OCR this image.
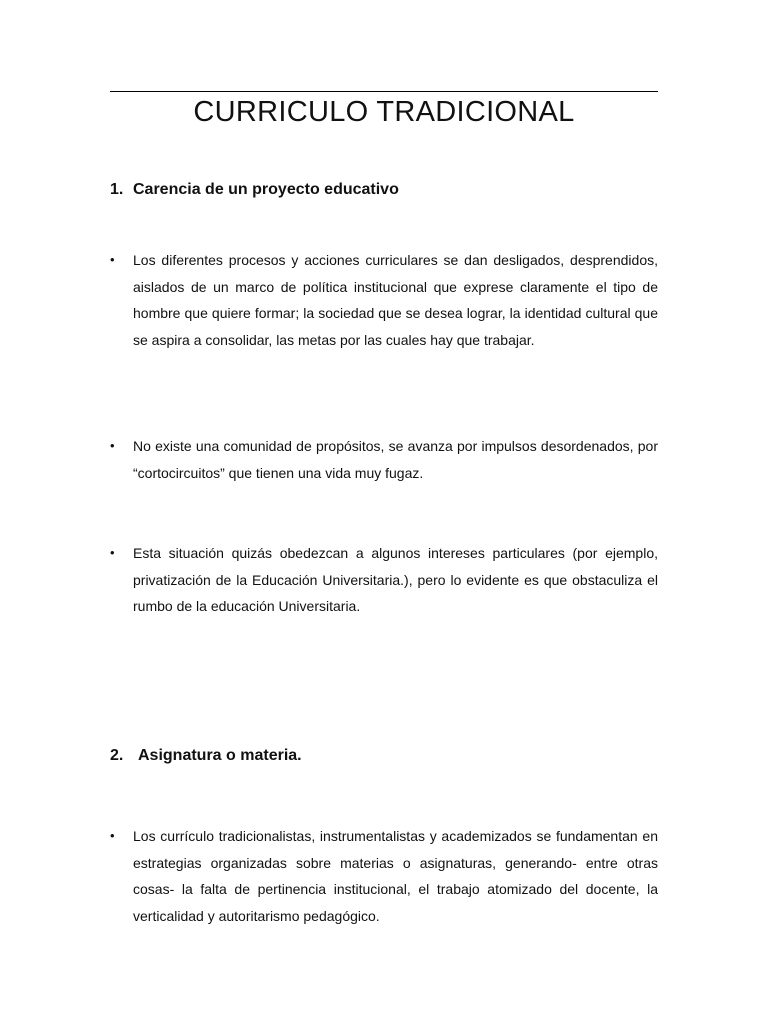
CURRICULO TRADICIONAL
1. Carencia de un proyecto educativo
• Los diferentes procesos y acciones curriculares se dan desligados, desprendidos, aislados de un marco de política institucional que exprese claramente el tipo de hombre que quiere formar; la sociedad que se desea lograr, la identidad cultural que se aspira a consolidar, las metas por las cuales hay que trabajar.
• No existe una comunidad de propósitos, se avanza por impulsos desordenados, por “cortocircuitos” que tienen una vida muy fugaz.
• Esta situación quizás obedezcan a algunos intereses particulares (por ejemplo, privatización de la Educación Universitaria.), pero lo evidente es que obstaculiza el rumbo de la educación Universitaria.
2. Asignatura o materia.
• Los currículo tradicionalistas, instrumentalistas y academizados se fundamentan en estrategias organizadas sobre materias o asignaturas, generando- entre otras cosas- la falta de pertinencia institucional, el trabajo atomizado del docente, la verticalidad y autoritarismo pedagógico.
